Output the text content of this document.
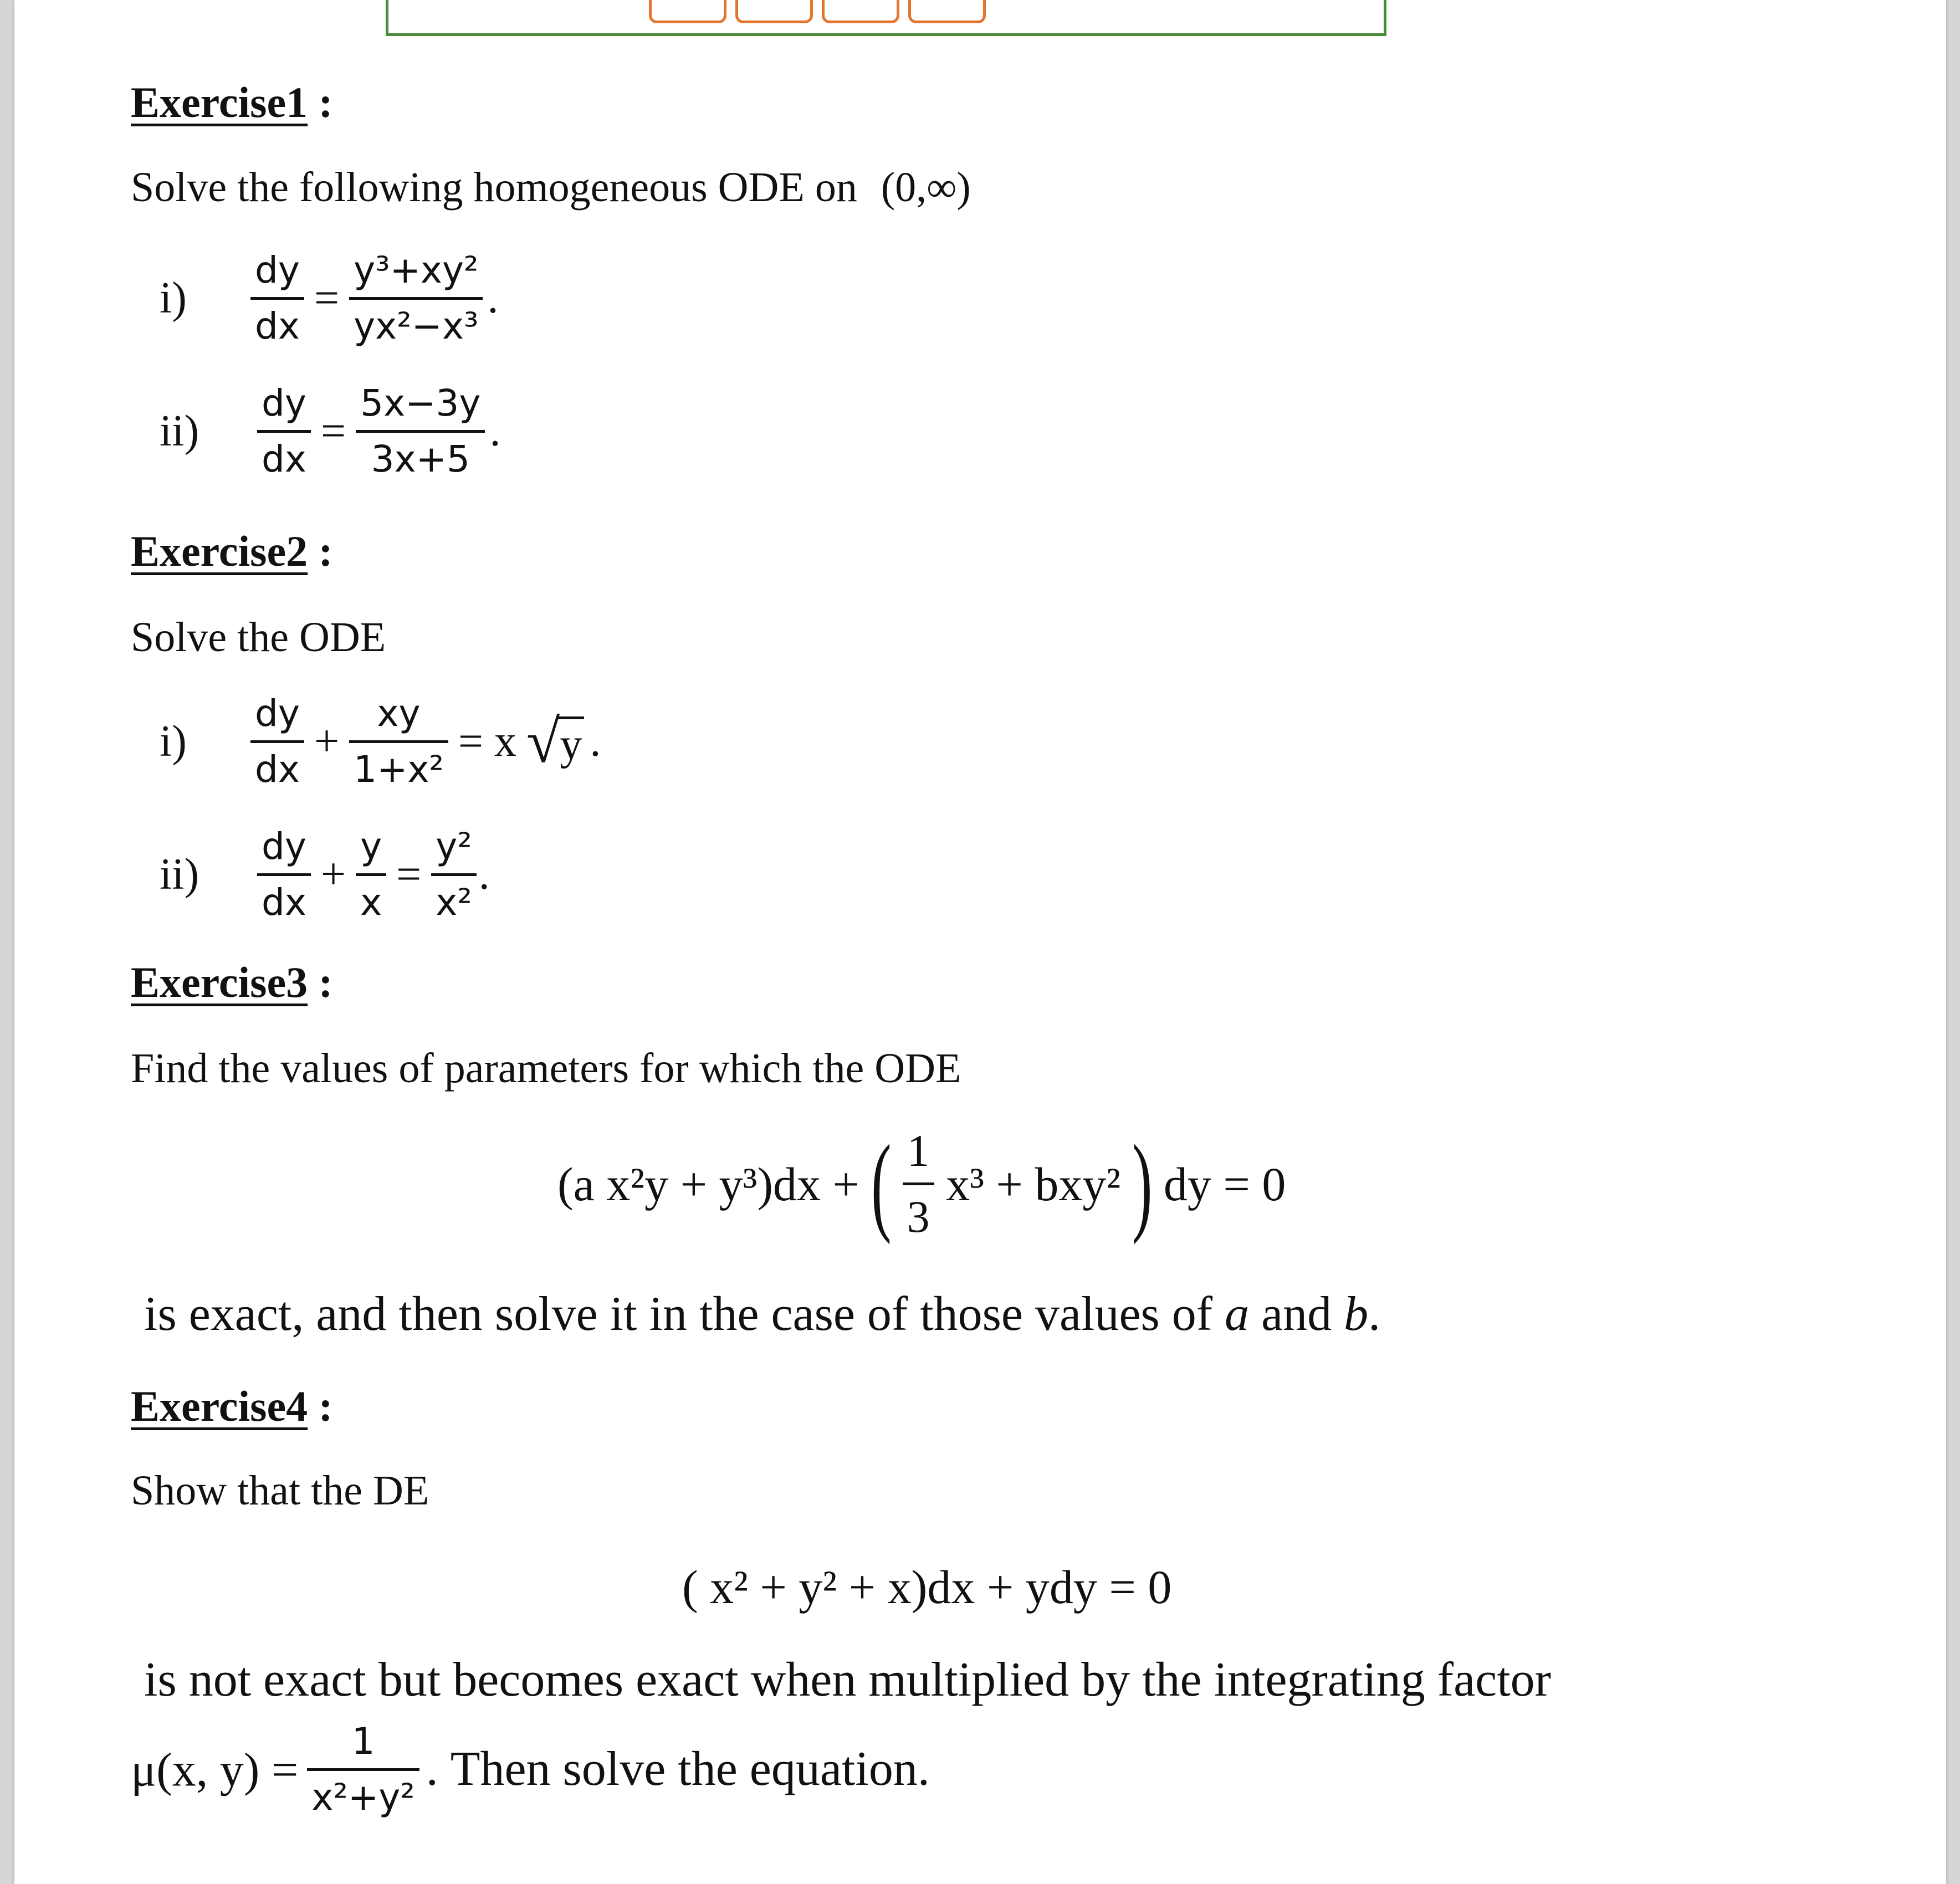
Exercise1 :
Solve the following homogeneous ODE on (0,∞)
$i) \frac{dy}{dx} = \frac{\text{y³+xy²}}{\text{yx²−x³}}$ .
$ii) \frac{dy}{dx} = \frac{5x-3y}{3x+5}$ .
Exercise2 :
Solve the ODE
$i) \frac{dy}{dx} + \frac{xy}{\text{1+x²}} = x$ √y .
$ii) \frac{dy}{dx} + \frac{y}{x} = \frac{\text{y²}}{\text{x²}}$ .
Exercise3 :
Find the values of parameters for which the ODE
(a x²y + y³)dx + ( $\frac{1}{3} x^3 + bxy^2$ ) dy = 0
is exact, and then solve it in the case of those values of a and b.
Exercise4 :
Show that the DE
( x² + y² + x)dx + ydy = 0
is not exact but becomes exact when multiplied by the integrating factor
μ(x, $y) = \frac{1}{\text{x²+y²}}$ . Then solve the equation.
